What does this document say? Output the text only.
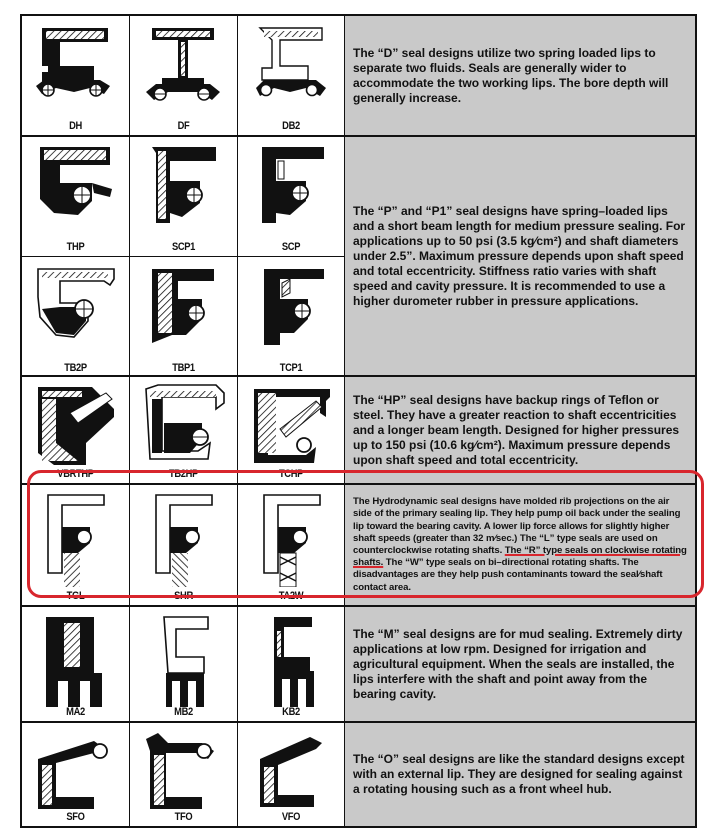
DH	DF	DB2
The “D” seal designs utilize two spring loaded lips to separate two fluids. Seals are generally wider to accommodate the two working lips. The bore depth will generally increase.
THP	SCP1	SCP
TB2P	TBP1	TCP1
The “P” and “P1” seal designs have spring–loaded lips and a short beam length for medium pressure sealing. For applications up to 50 psi (3.5 kg⁄cm²) and shaft diameters under 2.5”. Maximum pressure depends upon shaft speed and total eccentricity. Stiffness ratio varies with shaft speed and cavity pressure. It is recommended to use a higher durometer rubber in pressure applications.
VBRTHP	TB2HP	TCHP
The “HP” seal designs have backup rings of Teflon or steel. They have a greater reaction to shaft eccentricities and a longer beam length. Designed for higher pressures up to 150 psi (10.6 kg⁄cm²). Maximum pressure depends upon shaft speed and total eccentricity.
TGL	SHR	TA2W
The Hydrodynamic seal designs have molded rib projections on the air side of the primary sealing lip. They help pump oil back under the sealing lip toward the bearing cavity. A lower lip force allows for slightly higher shaft speeds (greater than 32 m⁄sec.) The “L” type seals are used on counterclockwise rotating shafts. The “R” type seals on clockwise rotating shafts. The “W” type seals on bi–directional rotating shafts. The disadvantages are they help push contaminants toward the seal⁄shaft contact area.
MA2	MB2	KB2
The “M” seal designs are for mud sealing. Extremely dirty applications at low rpm. Designed for irrigation and agricultural equipment. When the seals are installed, the lips interfere with the shaft and point away from the bearing cavity.
SFO	TFO	VFO
The “O” seal designs are like the standard designs except with an external lip. They are designed for sealing against a rotating housing such as a front wheel hub.
